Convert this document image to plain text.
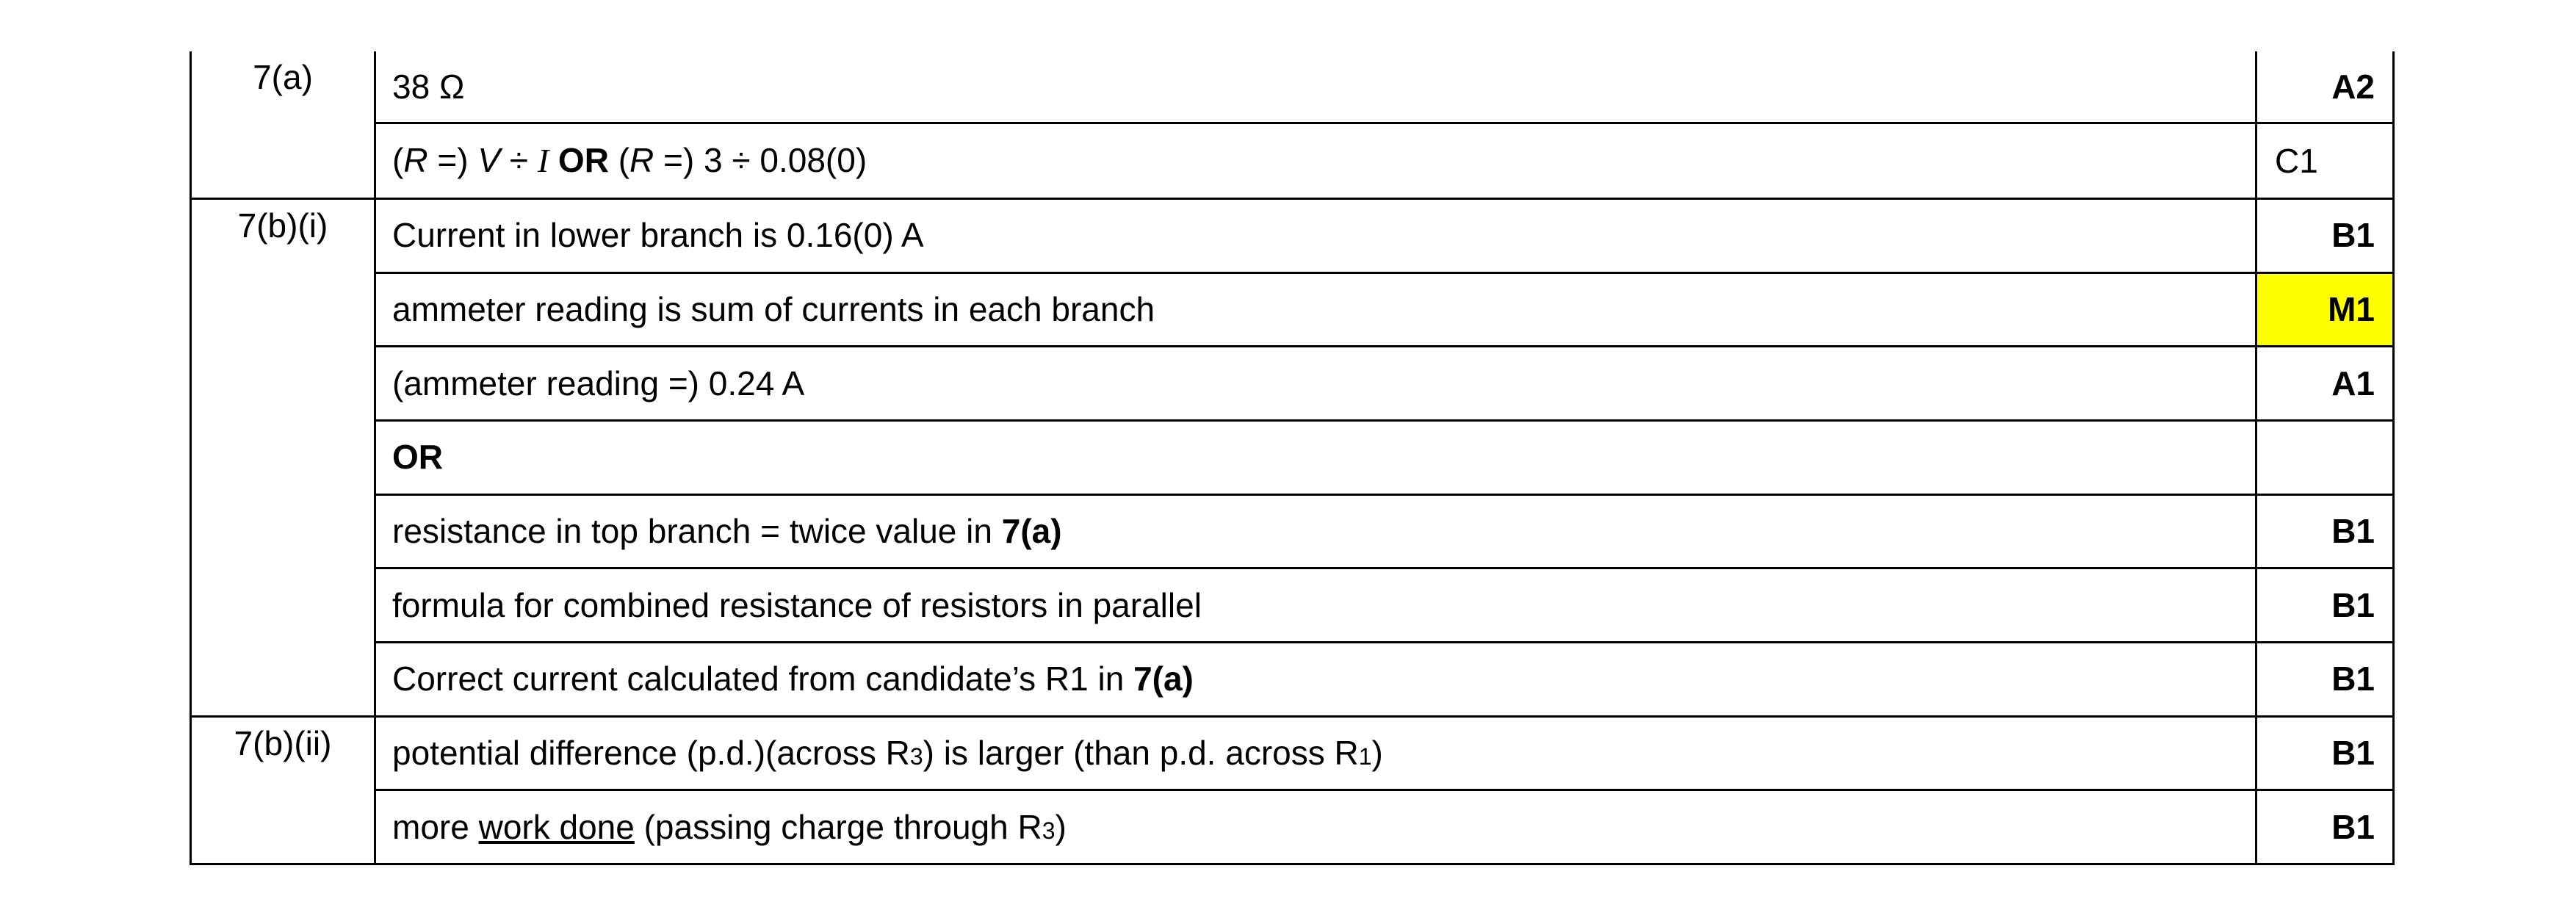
7(a)	38 Ω	A2
	(R =) V ÷ I OR (R =) 3 ÷ 0.08(0)	C1
7(b)(i)	Current in lower branch is 0.16(0) A	B1
	ammeter reading is sum of currents in each branch	M1
	(ammeter reading =) 0.24 A	A1
	OR	
	resistance in top branch = twice value in 7(a)	B1
	formula for combined resistance of resistors in parallel	B1
	Correct current calculated from candidate’s R1 in 7(a)	B1
7(b)(ii)	potential difference (p.d.)(across R3) is larger (than p.d. across R1)	B1
	more work done (passing charge through R3)	B1
